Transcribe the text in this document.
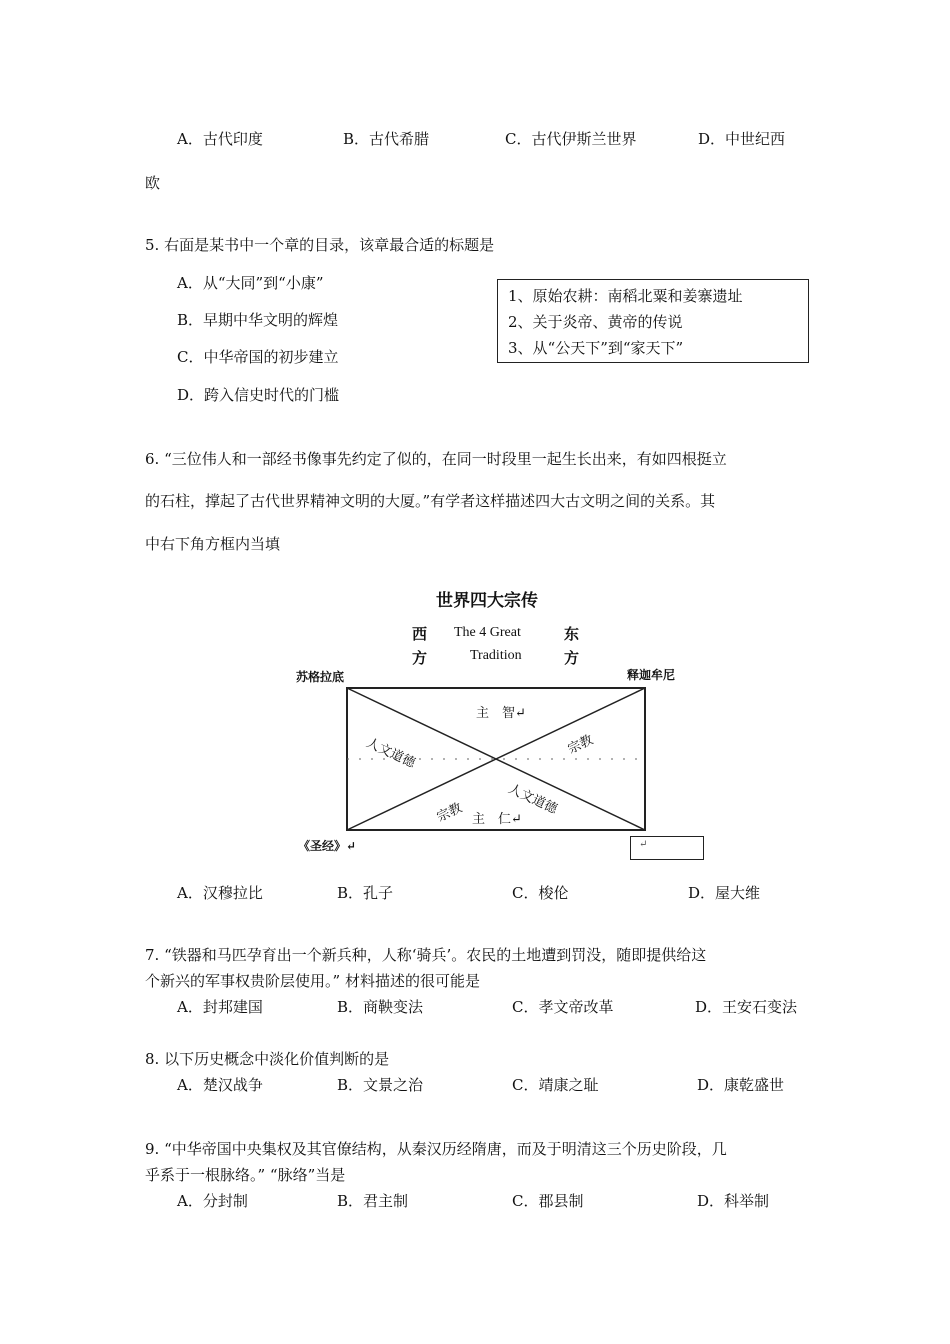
A．古代印度	B．古代希腊	C．古代伊斯兰世界	D．中世纪西
欧
5. 右面是某书中一个章的目录，该章最合适的标题是
A．从“大同”到“小康”
B．早期中华文明的辉煌
C．中华帝国的初步建立
D．跨入信史时代的门槛
1、原始农耕：南稻北粟和姜寨遗址
2、关于炎帝、黄帝的传说
3、从“公天下”到“家天下”
6. “三位伟人和一部经书像事先约定了似的，在同一时段里一起生长出来，有如四根挺立
的石柱，撑起了古代世界精神文明的大厦。”有学者这样描述四大古文明之间的关系。其
中右下角方框内当填
世界四大宗传
西
方
The 4 Great
Tradition
东
方
苏格拉底	释迦牟尼
《圣经》↵
主　智↵
主　仁↵
人文道德	宗教
宗教	人文道德
↵
A．汉穆拉比	B．孔子	C．梭伦	D．屋大维
7. “铁器和马匹孕育出一个新兵种，人称‘骑兵’。农民的土地遭到罚没，随即提供给这
个新兴的军事权贵阶层使用。” 材料描述的很可能是
A．封邦建国	B．商鞅变法	C．孝文帝改革	D．王安石变法
8. 以下历史概念中淡化价值判断的是
A．楚汉战争	B．文景之治	C．靖康之耻	D．康乾盛世
9. “中华帝国中央集权及其官僚结构，从秦汉历经隋唐，而及于明清这三个历史阶段，几
乎系于一根脉络。” “脉络”当是
A．分封制	B．君主制	C．郡县制	D．科举制
